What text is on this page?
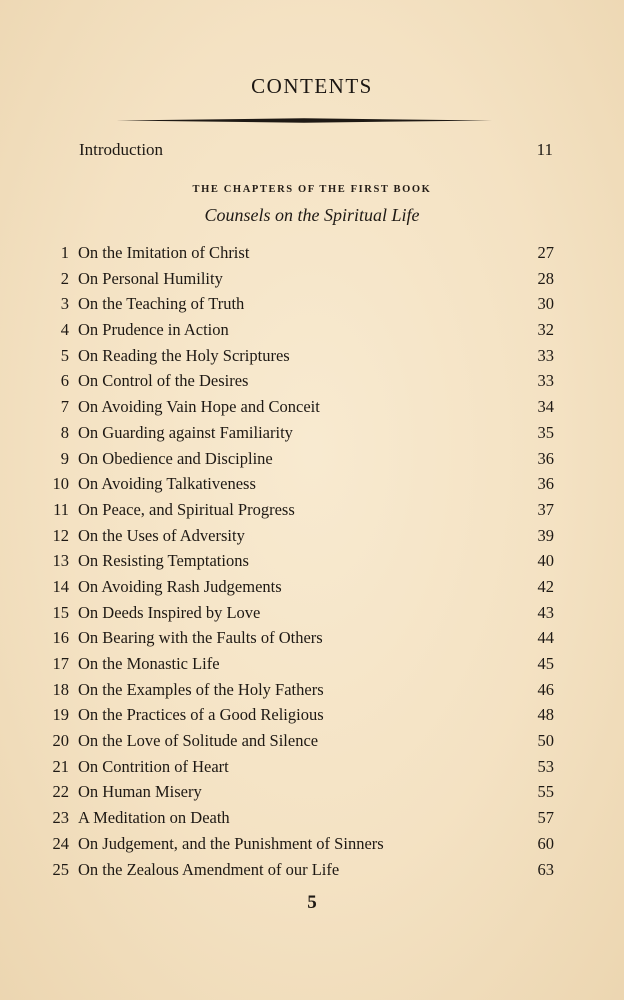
CONTENTS
Introduction	11
THE CHAPTERS OF THE FIRST BOOK
Counsels on the Spiritual Life
1 On the Imitation of Christ	27
2 On Personal Humility	28
3 On the Teaching of Truth	30
4 On Prudence in Action	32
5 On Reading the Holy Scriptures	33
6 On Control of the Desires	33
7 On Avoiding Vain Hope and Conceit	34
8 On Guarding against Familiarity	35
9 On Obedience and Discipline	36
10 On Avoiding Talkativeness	36
11 On Peace, and Spiritual Progress	37
12 On the Uses of Adversity	39
13 On Resisting Temptations	40
14 On Avoiding Rash Judgements	42
15 On Deeds Inspired by Love	43
16 On Bearing with the Faults of Others	44
17 On the Monastic Life	45
18 On the Examples of the Holy Fathers	46
19 On the Practices of a Good Religious	48
20 On the Love of Solitude and Silence	50
21 On Contrition of Heart	53
22 On Human Misery	55
23 A Meditation on Death	57
24 On Judgement, and the Punishment of Sinners	60
25 On the Zealous Amendment of our Life	63
5
